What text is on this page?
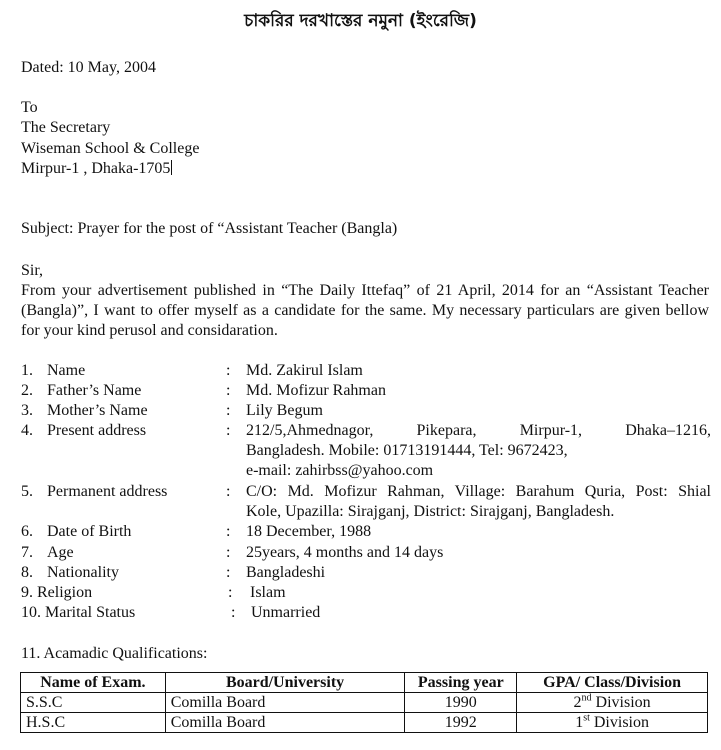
চাকরির দরখাস্তের নমুনা (ইংরেজি)
Dated: 10 May, 2004
To
The Secretary
Wiseman School & College
Mirpur-1 , Dhaka-1705
Subject: Prayer for the post of “Assistant Teacher (Bangla)
Sir,
From your advertisement published in “The Daily Ittefaq” of 21 April, 2014 for an “Assistant Teacher (Bangla)”, I want to offer myself as a candidate for the same. My necessary particulars are given bellow for your kind perusol and considaration.
1. Name	: Md. Zakirul Islam
2. Father’s Name	: Md. Mofizur Rahman
3. Mother’s Name	: Lily Begum
4. Present address	: 212/5,Ahmednagor, Pikepara, Mirpur-1, Dhaka–1216,
Bangladesh. Mobile: 01713191444, Tel: 9672423,
e-mail: zahirbss@yahoo.com
5. Permanent address	: C/O: Md. Mofizur Rahman, Village: Barahum Quria, Post: Shial
Kole, Upazilla: Sirajganj, District: Sirajganj, Bangladesh.
6. Date of Birth	: 18 December, 1988
7. Age	: 25years, 4 months and 14 days
8. Nationality	: Bangladeshi
9. Religion	: Islam
10. Marital Status	: Unmarried
11. Acamadic Qualifications:
Name of Exam.	Board/University	Passing year	GPA/ Class/Division
S.S.C	Comilla Board	1990	2nd Division
H.S.C	Comilla Board	1992	1st Division
